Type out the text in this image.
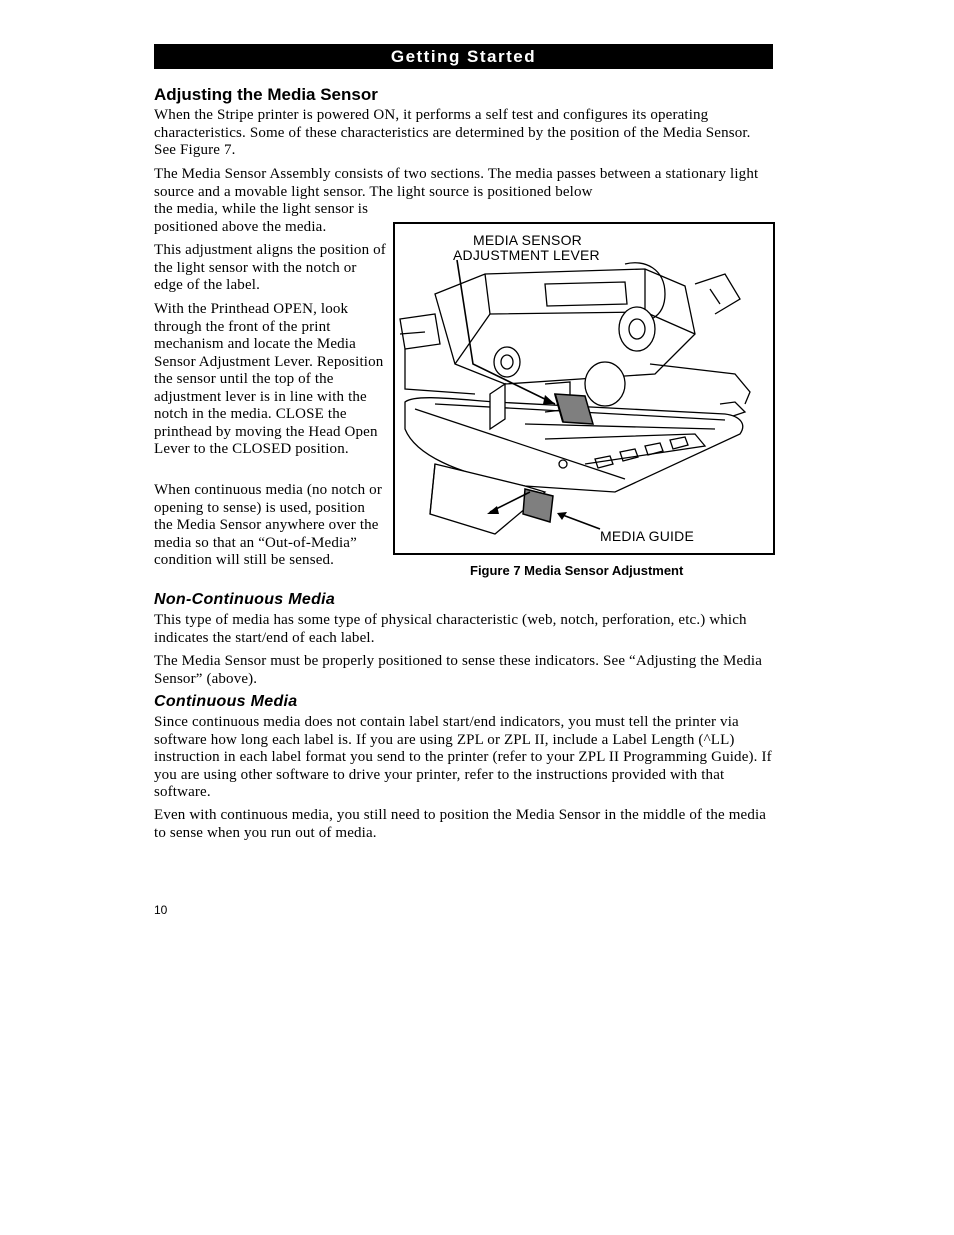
Getting Started
Adjusting the Media Sensor

When the Stripe printer is powered ON, it performs a self test and configures its operating characteristics. Some of these characteristics are determined by the position of the Media Sensor. See Figure 7.

The Media Sensor Assembly consists of two sections. The media passes between a stationary light source and a movable light sensor. The light source is positioned below

the media, while the light sensor is positioned above the media.

This adjustment aligns the position of the light sensor with the notch or edge of the label.

With the Printhead OPEN, look through the front of the print mechanism and locate the Media Sensor Adjustment Lever. Reposition the sensor until the top of the adjustment lever is in line with the notch in the media. CLOSE the printhead by moving the Head Open Lever to the CLOSED position.

When continuous media (no notch or opening to sense) is used, position the Media Sensor anywhere over the media so that an “Out-of-Media” condition will still be sensed.

MEDIA SENSOR
ADJUSTMENT LEVER
MEDIA GUIDE
Figure 7 Media Sensor Adjustment
Non-Continuous Media

This type of media has some type of physical characteristic (web, notch, perforation, etc.) which indicates the start/end of each label.

The Media Sensor must be properly positioned to sense these indicators. See “Adjusting the Media Sensor” (above).

Continuous Media

Since continuous media does not contain label start/end indicators, you must tell the printer via software how long each label is. If you are using ZPL or ZPL II, include a Label Length (^LL) instruction in each label format you send to the printer (refer to your ZPL II Programming Guide). If you are using other software to drive your printer, refer to the instructions provided with that software.

Even with continuous media, you still need to position the Media Sensor in the middle of the media to sense when you run out of media.

10
